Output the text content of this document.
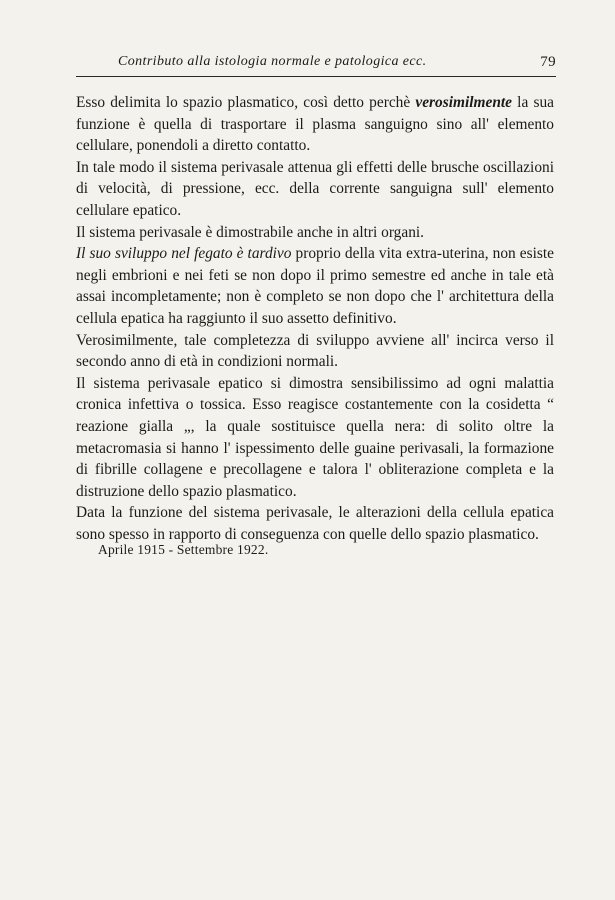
Contributo alla istologia normale e patologica ecc.	79

Esso delimita lo spazio plasmatico, così detto perchè verosimilmente la sua funzione è quella di trasportare il plasma sanguigno sino all' elemento cellulare, ponendoli a diretto contatto.

In tale modo il sistema perivasale attenua gli effetti delle brusche oscillazioni di velocità, di pressione, ecc. della corrente sanguigna sull' elemento cellulare epatico.

Il sistema perivasale è dimostrabile anche in altri organi.

Il suo sviluppo nel fegato è tardivo proprio della vita extra-uterina, non esiste negli embrioni e nei feti se non dopo il primo semestre ed anche in tale età assai incompletamente; non è completo se non dopo che l' architettura della cellula epatica ha raggiunto il suo assetto definitivo.

Verosimilmente, tale completezza di sviluppo avviene all' incirca verso il secondo anno di età in condizioni normali.

Il sistema perivasale epatico si dimostra sensibilissimo ad ogni malattia cronica infettiva o tossica. Esso reagisce costantemente con la cosidetta “ reazione gialla „, la quale sostituisce quella nera: di solito oltre la metacromasia si hanno l' ispessimento delle guaine perivasali, la formazione di fibrille collagene e precollagene e talora l' obliterazione completa e la distruzione dello spazio plasmatico.

Data la funzione del sistema perivasale, le alterazioni della cellula epatica sono spesso in rapporto di conseguenza con quelle dello spazio plasmatico.

Aprile 1915 - Settembre 1922.
